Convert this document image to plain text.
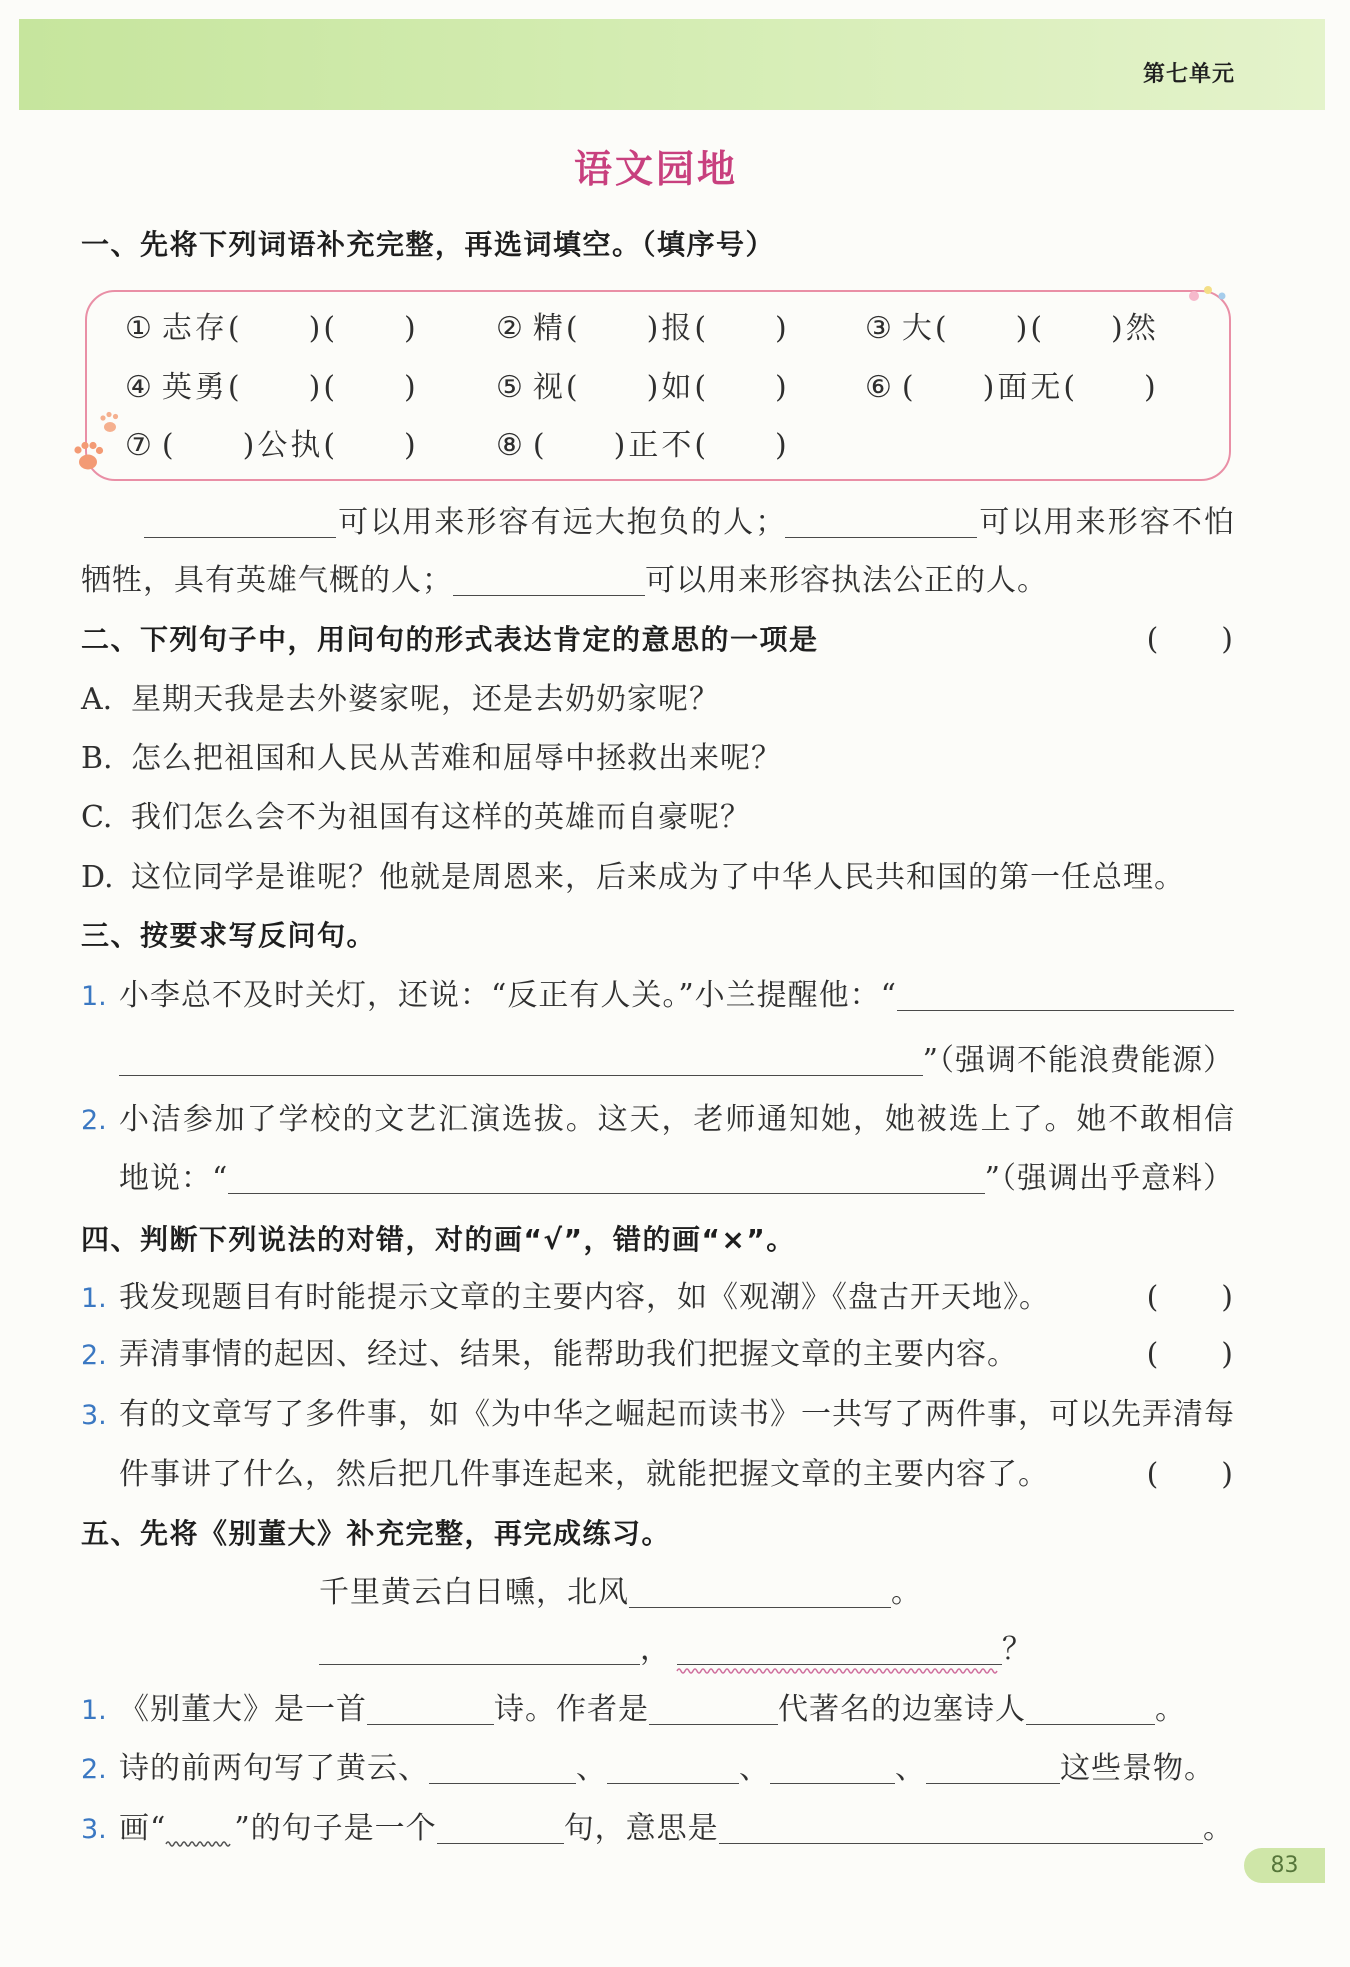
第七单元
语文园地
一、先将下列词语补充完整，再选词填空。（填序号）
① 志存(　　)(　　)	② 精(　　)报(　　)	③ 大(　　)(　　)然
④ 英勇(　　)(　　)	⑤ 视(　　)如(　　)	⑥ (　　)面无(　　)
⑦ (　　)公执(　　)	⑧ (　　)正不(　　)
可以用来形容有远大抱负的人；	可以用来形容不怕
牺牲，具有英雄气概的人；	可以用来形容执法公正的人。
二、下列句子中，用问句的形式表达肯定的意思的一项是	(　　)
A. 星期天我是去外婆家呢，还是去奶奶家呢？
B. 怎么把祖国和人民从苦难和屈辱中拯救出来呢？
C. 我们怎么会不为祖国有这样的英雄而自豪呢？
D. 这位同学是谁呢？他就是周恩来，后来成为了中华人民共和国的第一任总理。
三、按要求写反问句。
1. 小李总不及时关灯，还说：“反正有人关。”小兰提醒他：“
”（强调不能浪费能源）
2. 小洁参加了学校的文艺汇演选拔。这天，老师通知她，她被选上了。她不敢相信
地说：“	”（强调出乎意料）
四、判断下列说法的对错，对的画“√”，错的画“×”。
1. 我发现题目有时能提示文章的主要内容，如《观潮》《盘古开天地》。	(　　)
2. 弄清事情的起因、经过、结果，能帮助我们把握文章的主要内容。	(　　)
3. 有的文章写了多件事，如《为中华之崛起而读书》一共写了两件事，可以先弄清每
件事讲了什么，然后把几件事连起来，就能把握文章的主要内容了。	(　　)
五、先将《别董大》补充完整，再完成练习。
千里黄云白日曛，北风	。
，	？
1. 《别董大》是一首	诗。作者是	代著名的边塞诗人	。
2. 诗的前两句写了黄云、	、	、	、	这些景物。
3. 画“ ”的句子是一个	句，意思是	。
83
